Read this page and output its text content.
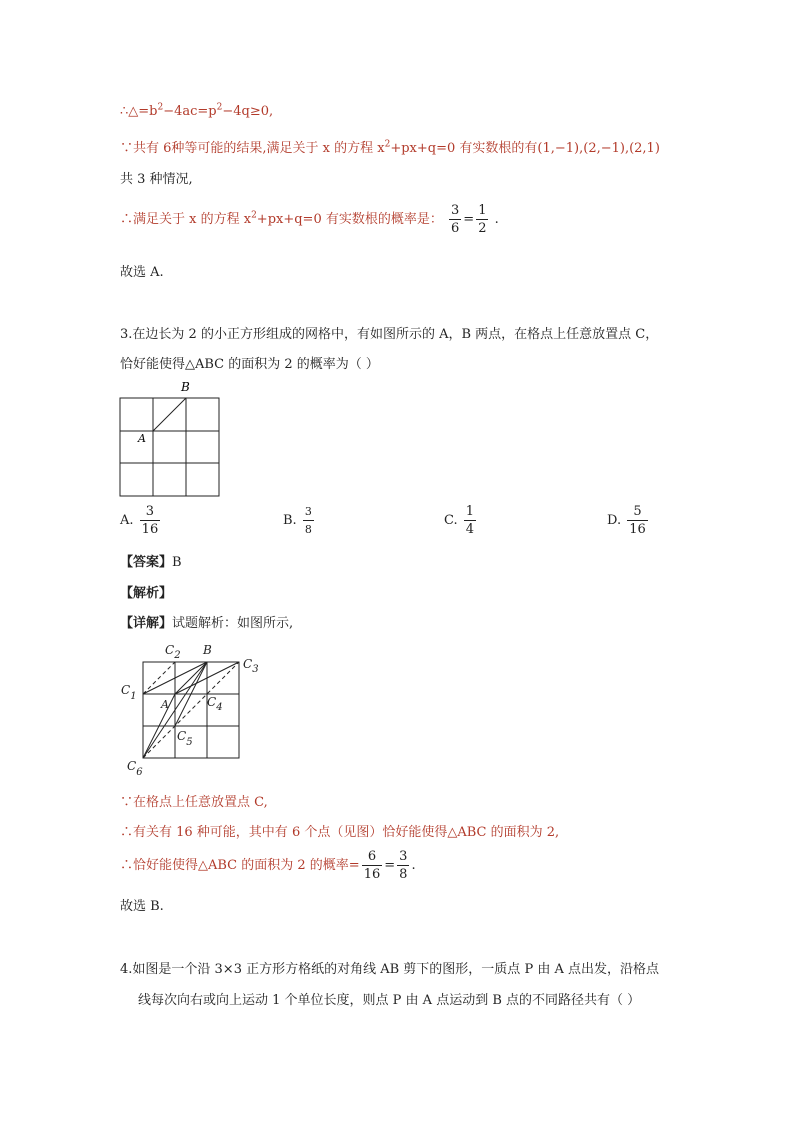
$\therefore\triangle=b^2-4ac=p^2-4q\ge 0$,
∵共有 6种等可能的结果,满足关于 x 的方程 $x^2+px+q=0$ 有实数根的有(1,−1),(2,−1),(2,1)
共 3 种情况,
∴满足关于 x 的方程 $x^2+px+q=0$ 有实数根的概率是： $\frac{3}{6} = \frac{1}{2}$ .
故选 A.
3.在边长为 2 的小正方形组成的网格中，有如图所示的 A，B 两点，在格点上任意放置点 C，
恰好能使得△ABC 的面积为 2 的概率为（ ）
B
A
A. $\frac{3}{16}$	B. $\frac{3}{8}$	C. $\frac{1}{4}$	D. $\frac{5}{16}$
【答案】B
【解析】
【详解】试题解析：如图所示,
$C_2$ B
$C_3$
$C_1$
A	$C_4$
$C_5$
$C_6$
∵在格点上任意放置点 C,
∴有关有 16 种可能，其中有 6 个点（见图）恰好能使得△ABC 的面积为 2,
∴恰好能使得△ABC 的面积为 2 的概率= $\frac{6}{16} = \frac{3}{8}$ .
故选 B.
4.如图是一个沿 3×3 正方形方格纸的对角线 AB 剪下的图形，一质点 P 由 A 点出发，沿格点
线每次向右或向上运动 1 个单位长度，则点 P 由 A 点运动到 B 点的不同路径共有（ ）
